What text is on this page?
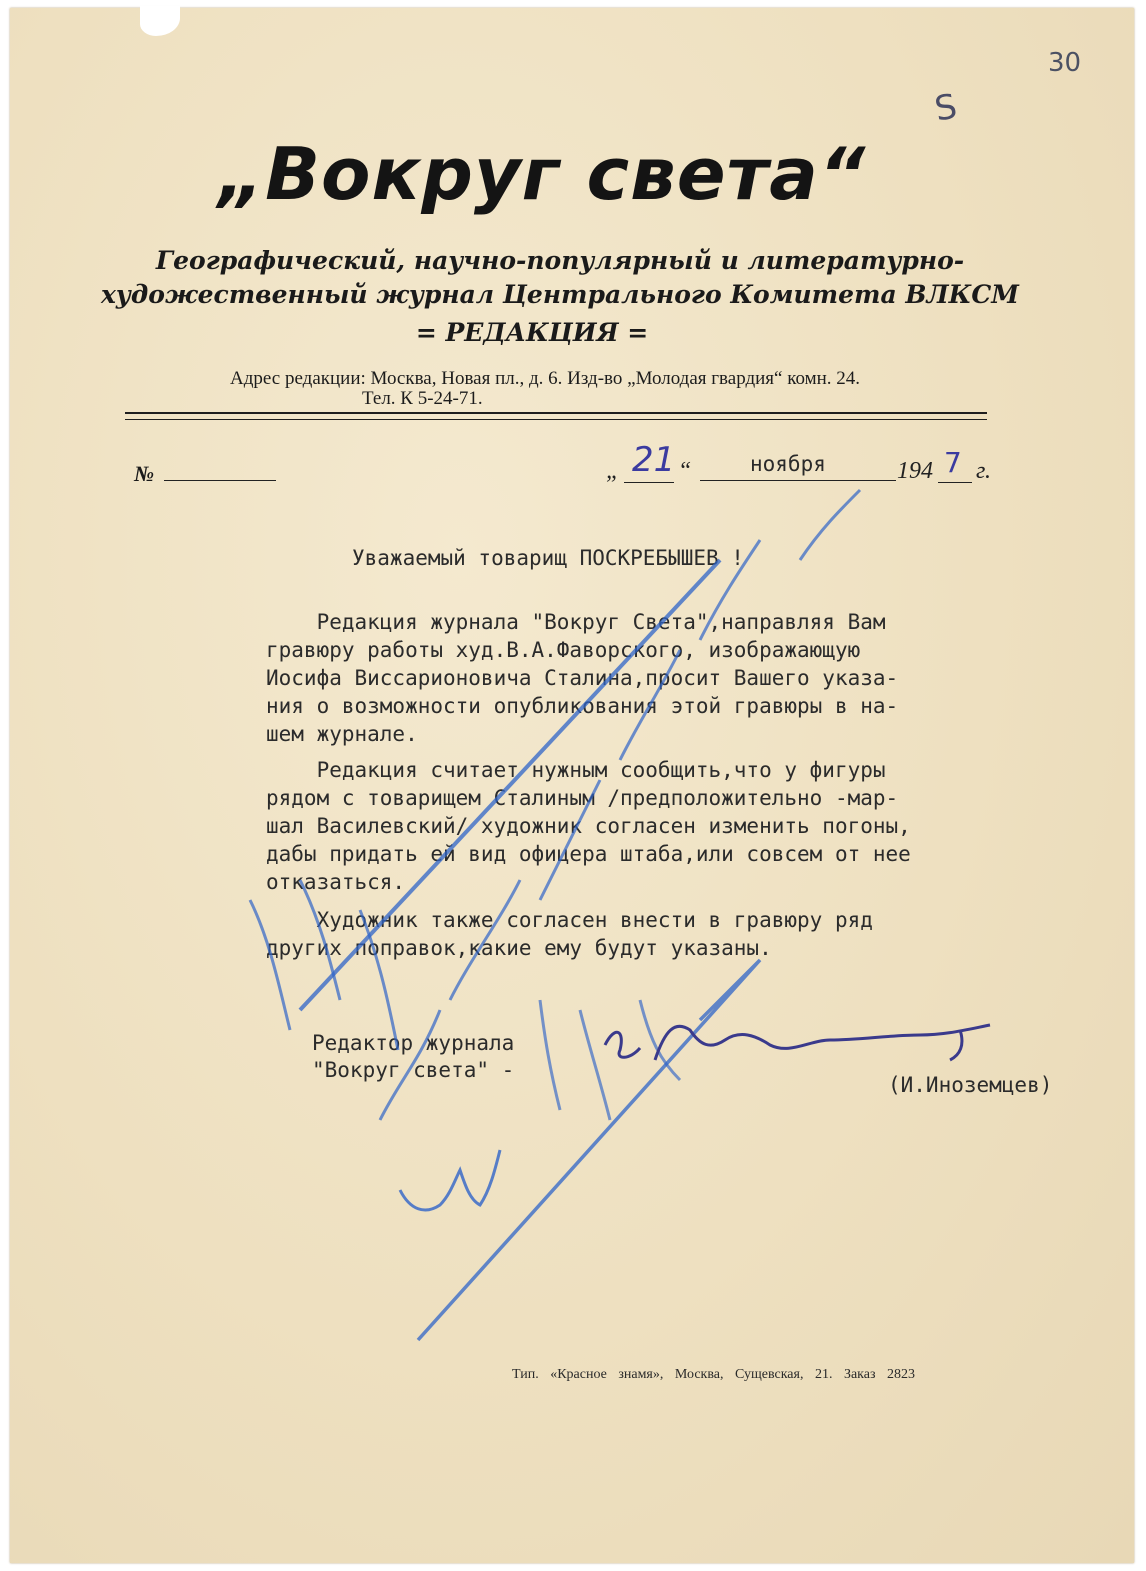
30
S
„Вокруг света“
Географический, научно-популярный и литературно-художественный журнал Центрального Комитета ВЛКСМ
= РЕДАКЦИЯ =
Адрес редакции: Москва, Новая пл., д. 6. Изд-во „Молодая гвардия“ комн. 24.
Тел. К 5-24-71.
№	„ 21 “	ноября	194 7 г.
Уважаемый товарищ ПОСКРЕБЫШЕВ !
Редакция журнала "Вокруг Света",направляя Вам
гравюру работы худ.В.А.Фаворского, изображающую
Иосифа Виссарионовича Сталина,просит Вашего указа-
ния о возможности опубликования этой гравюры в на-
шем журнале.
Редакция считает нужным сообщить,что у фигуры
рядом с товарищем Сталиным /предположительно -мар-
шал Василевский/ художник согласен изменить погоны,
дабы придать ей вид офицера штаба,или совсем от нее
отказаться.
Художник также согласен внести в гравюру ряд
других поправок,какие ему будут указаны.
Редактор журнала
"Вокруг света" -
(И.Иноземцев)
Тип. «Красное знамя», Москва, Сущевская, 21. Заказ 2823
